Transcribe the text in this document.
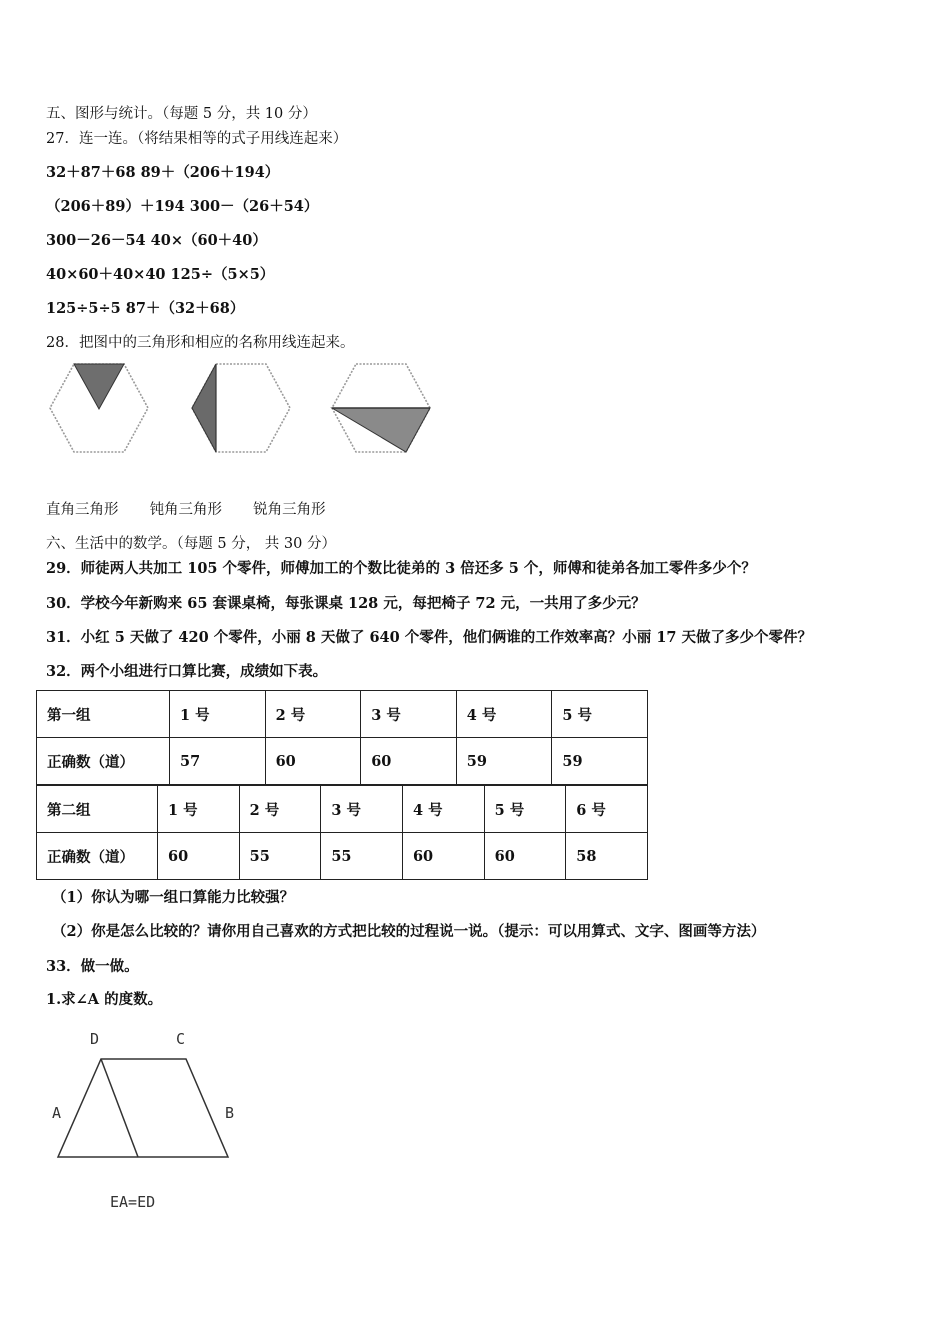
五、图形与统计。（每题 5 分，共 10 分）
27．连一连。（将结果相等的式子用线连起来）
32＋87＋68 89＋（206＋194）
（206＋89）＋194 300－（26＋54）
300－26－54 40×（60＋40）
40×60＋40×40 125÷（5×5）
125÷5÷5 87＋（32＋68）
28．把图中的三角形和相应的名称用线连起来。
直角三角形 钝角三角形 锐角三角形
六、生活中的数学。（每题 5 分， 共 30 分）
29．师徒两人共加工 105 个零件，师傅加工的个数比徒弟的 3 倍还多 5 个，师傅和徒弟各加工零件多少个？
30．学校今年新购来 65 套课桌椅，每张课桌 128 元，每把椅子 72 元，一共用了多少元？
31．小红 5 天做了 420 个零件，小丽 8 天做了 640 个零件，他们俩谁的工作效率高？小丽 17 天做了多少个零件？
32．两个小组进行口算比赛，成绩如下表。
第一组	1 号	2 号	3 号	4 号	5 号
正确数（道）	57	60	60	59	59
第二组	1 号	2 号	3 号	4 号	5 号	6 号
正确数（道）	60	55	55	60	60	58
（1）你认为哪一组口算能力比较强？
（2）你是怎么比较的？请你用自己喜欢的方式把比较的过程说一说。（提示：可以用算式、文字、图画等方法）
33．做一做。
1.求∠A 的度数。
D	C
A	B
EA=ED
